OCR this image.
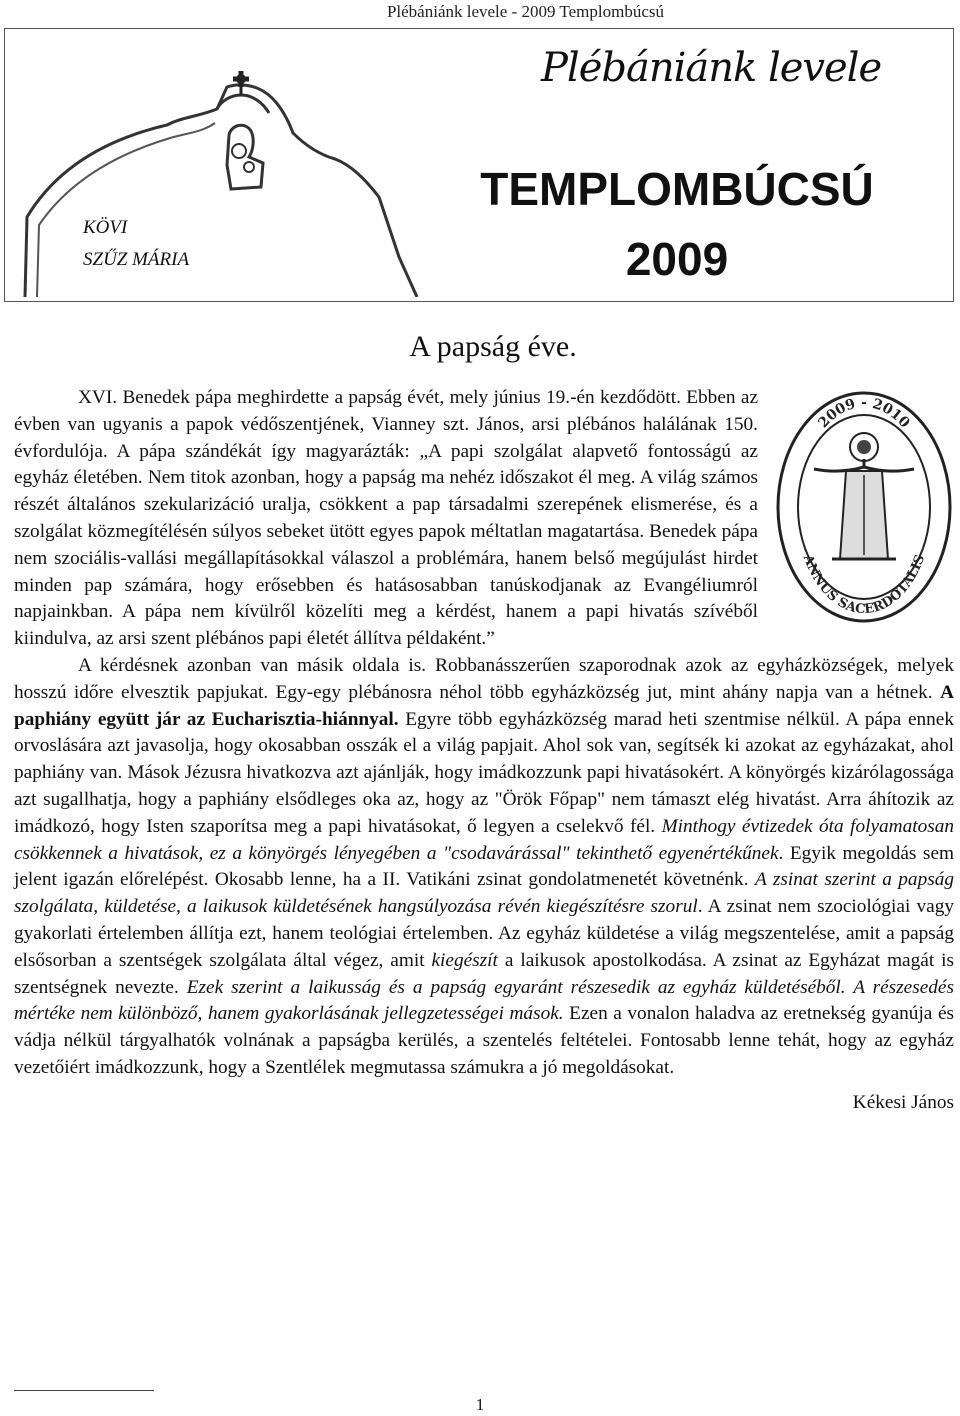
Plébániánk levele - 2009 Templombúcsú
KÖVI
SZŰZ MÁRIA
Plébániánk levele
TEMPLOMBÚCSÚ
2009
A papság éve.
2009 - 2010
ANNUS SACERDOTALIS

XVI. Benedek pápa meghirdette a papság évét, mely június 19.-én kezdődött. Ebben az évben van ugyanis a papok védőszentjének, Vianney szt. János, arsi plébános halálának 150. évfordulója. A pápa szándékát így magyarázták: „A papi szolgálat alapvető fontosságú az egyház életében. Nem titok azonban, hogy a papság ma nehéz időszakot él meg. A világ számos részét általános szekularizáció uralja, csökkent a pap társadalmi szerepének elismerése, és a szolgálat közmegítélésén súlyos sebeket ütött egyes papok méltatlan magatartása. Benedek pápa nem szociális-vallási megállapításokkal válaszol a problémára, hanem belső megújulást hirdet minden pap számára, hogy erősebben és hatásosabban tanúskodjanak az Evangéliumról napjainkban. A pápa nem kívülről közelíti meg a kérdést, hanem a papi hivatás szívéből kiindulva, az arsi szent plébános papi életét állítva példaként.”

A kérdésnek azonban van másik oldala is. Robbanásszerűen szaporodnak azok az egyházközségek, melyek hosszú időre elvesztik papjukat. Egy-egy plébánosra néhol több egyházközség jut, mint ahány napja van a hétnek. A paphiány együtt jár az Eucharisztia-hiánnyal. Egyre több egyházközség marad heti szentmise nélkül. A pápa ennek orvoslására azt javasolja, hogy okosabban osszák el a világ papjait. Ahol sok van, segítsék ki azokat az egyházakat, ahol paphiány van. Mások Jézusra hivatkozva azt ajánlják, hogy imádkozzunk papi hivatásokért. A könyörgés kizárólagossága azt sugallhatja, hogy a paphiány elsődleges oka az, hogy az "Örök Főpap" nem támaszt elég hivatást. Arra áhítozik az imádkozó, hogy Isten szaporítsa meg a papi hivatásokat, ő legyen a cselekvő fél. Minthogy évtizedek óta folyamatosan csökkennek a hivatások, ez a könyörgés lényegében a "csodavárással" tekinthető egyenértékűnek. Egyik megoldás sem jelent igazán előrelépést. Okosabb lenne, ha a II. Vatikáni zsinat gondolatmenetét követnénk. A zsinat szerint a papság szolgálata, küldetése, a laikusok küldetésének hangsúlyozása révén kiegészítésre szorul. A zsinat nem szociológiai vagy gyakorlati értelemben állítja ezt, hanem teológiai értelemben. Az egyház küldetése a világ megszentelése, amit a papság elsősorban a szentségek szolgálata által végez, amit kiegészít a laikusok apostolkodása. A zsinat az Egyházat magát is szentségnek nevezte. Ezek szerint a laikusság és a papság egyaránt részesedik az egyház küldetéséből. A részesedés mértéke nem különböző, hanem gyakorlásának jellegzetességei mások. Ezen a vonalon haladva az eretnekség gyanúja és vádja nélkül tárgyalhatók volnának a papságba kerülés, a szentelés feltételei. Fontosabb lenne tehát, hogy az egyház vezetőiért imádkozzunk, hogy a Szentlélek megmutassa számukra a jó megoldásokat.

Kékesi János
1
